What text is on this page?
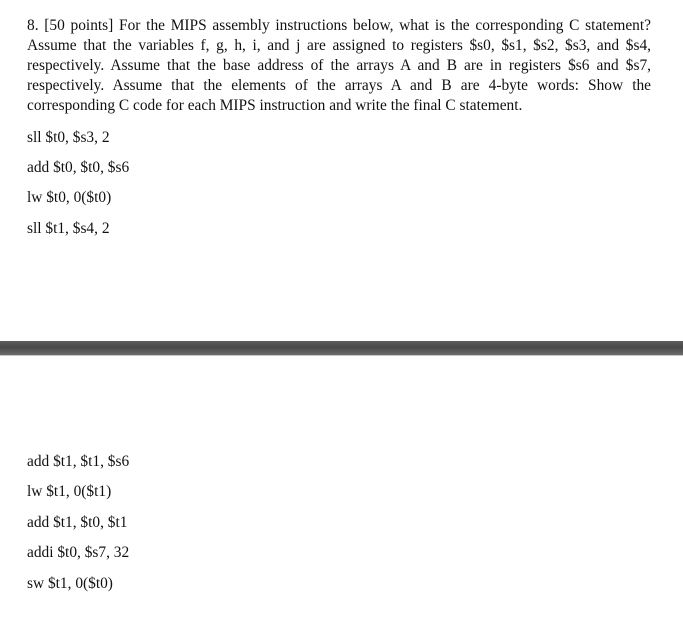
8. [50 points] For the MIPS assembly instructions below, what is the corresponding C statement? Assume that the variables f, g, h, i, and j are assigned to registers $s0, $s1, $s2, $s3, and $s4, respectively. Assume that the base address of the arrays A and B are in registers $s6 and $s7, respectively. Assume that the elements of the arrays A and B are 4-byte words: Show the corresponding C code for each MIPS instruction and write the final C statement.
sll $t0, $s3, 2
add $t0, $t0, $s6
lw $t0, 0($t0)
sll $t1, $s4, 2
add $t1, $t1, $s6
lw $t1, 0($t1)
add $t1, $t0, $t1
addi $t0, $s7, 32
sw $t1, 0($t0)
